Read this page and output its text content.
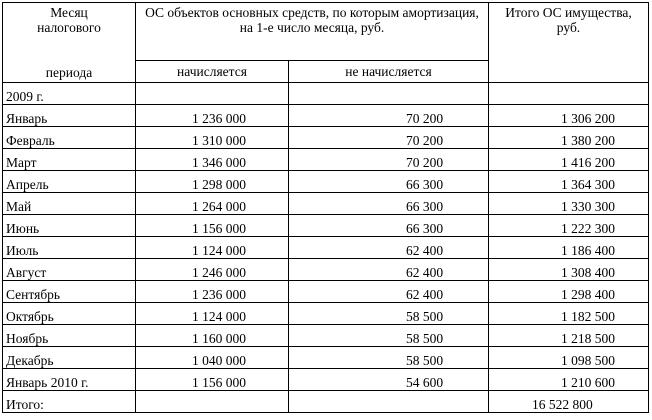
Месяц
налогового
периода	ОС объектов основных средств, по которым амортизация, на 1-е число месяца, руб.		Итого ОС имущества, руб.
	начисляется	не начисляется	
2009 г.			
Январь	1 236 000	70 200	1 306 200
Февраль	1 310 000	70 200	1 380 200
Март	1 346 000	70 200	1 416 200
Апрель	1 298 000	66 300	1 364 300
Май	1 264 000	66 300	1 330 300
Июнь	1 156 000	66 300	1 222 300
Июль	1 124 000	62 400	1 186 400
Август	1 246 000	62 400	1 308 400
Сентябрь	1 236 000	62 400	1 298 400
Октябрь	1 124 000	58 500	1 182 500
Ноябрь	1 160 000	58 500	1 218 500
Декабрь	1 040 000	58 500	1 098 500
Январь 2010 г.	1 156 000	54 600	1 210 600
Итого:			16 522 800
